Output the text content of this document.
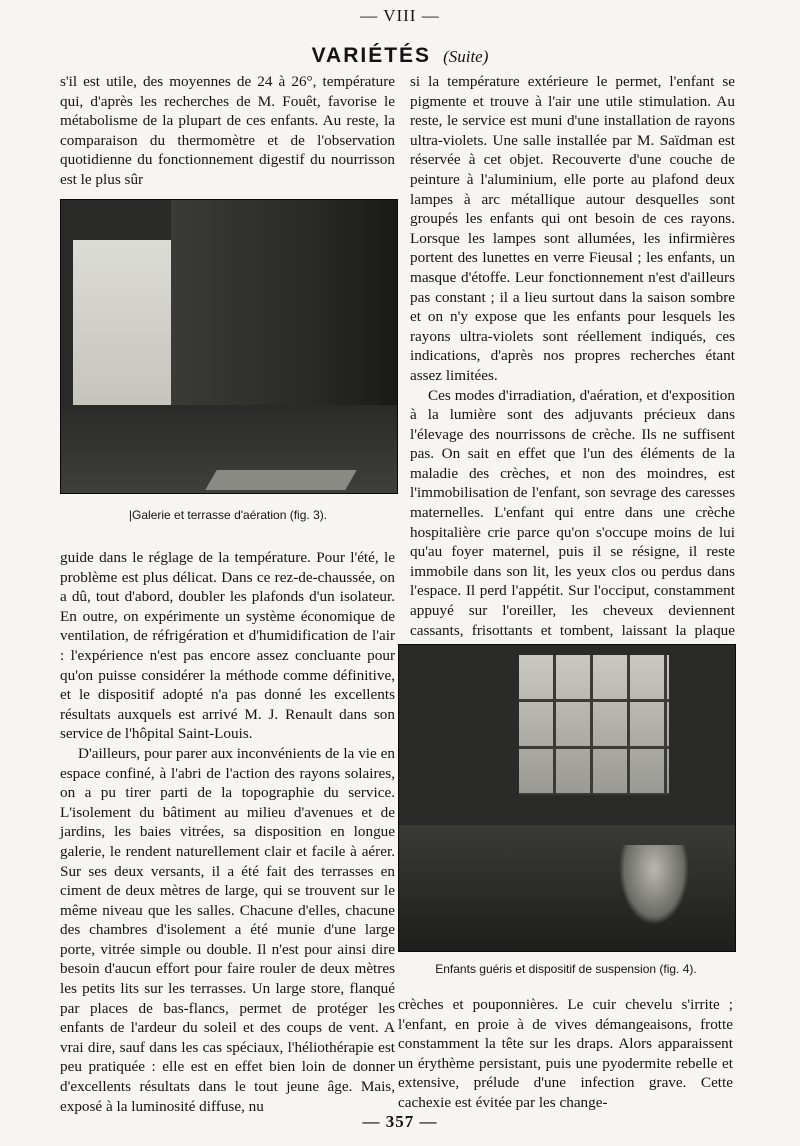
— VIII —
VARIÉTÉS (Suite)

s'il est utile, des moyennes de 24 à 26°, température qui, d'après les recherches de M. Fouêt, favorise le métabolisme de la plupart de ces enfants. Au reste, la comparaison du thermomètre et de l'observation quotidienne du fonctionnement digestif du nourrisson est le plus sûr

|Galerie et terrasse d'aération (fig. 3).

guide dans le réglage de la température. Pour l'été, le problème est plus délicat. Dans ce rez-de-chaussée, on a dû, tout d'abord, doubler les plafonds d'un isolateur. En outre, on expérimente un système économique de ventilation, de réfrigération et d'humidification de l'air : l'expérience n'est pas encore assez concluante pour qu'on puisse considérer la méthode comme définitive, et le dispositif adopté n'a pas donné les excellents résultats auxquels est arrivé M. J. Renault dans son service de l'hôpital Saint-Louis.

D'ailleurs, pour parer aux inconvénients de la vie en espace confiné, à l'abri de l'action des rayons solaires, on a pu tirer parti de la topographie du service. L'isolement du bâtiment au milieu d'avenues et de jardins, les baies vitrées, sa disposition en longue galerie, le rendent naturellement clair et facile à aérer. Sur ses deux versants, il a été fait des terrasses en ciment de deux mètres de large, qui se trouvent sur le même niveau que les salles. Chacune d'elles, chacune des chambres d'isolement a été munie d'une large porte, vitrée simple ou double. Il n'est pour ainsi dire besoin d'aucun effort pour faire rouler de deux mètres les petits lits sur les terrasses. Un large store, flanqué par places de bas-flancs, permet de protéger les enfants de l'ardeur du soleil et des coups de vent. A vrai dire, sauf dans les cas spéciaux, l'héliothérapie est peu pratiquée : elle est en effet bien loin de donner d'excellents résultats dans le tout jeune âge. Mais, exposé à la luminosité diffuse, nu

si la température extérieure le permet, l'enfant se pigmente et trouve à l'air une utile stimulation. Au reste, le service est muni d'une installation de rayons ultra-violets. Une salle installée par M. Saïdman est réservée à cet objet. Recouverte d'une couche de peinture à l'aluminium, elle porte au plafond deux lampes à arc métallique autour desquelles sont groupés les enfants qui ont besoin de ces rayons. Lorsque les lampes sont allumées, les infirmières portent des lunettes en verre Fieusal ; les enfants, un masque d'étoffe. Leur fonctionnement n'est d'ailleurs pas constant ; il a lieu surtout dans la saison sombre et on n'y expose que les enfants pour lesquels les rayons ultra-violets sont réellement indiqués, ces indications, d'après nos propres recherches étant assez limitées.

Ces modes d'irradiation, d'aération, et d'exposition à la lumière sont des adjuvants précieux dans l'élevage des nourrissons de crèche. Ils ne suffisent pas. On sait en effet que l'un des éléments de la maladie des crèches, et non des moindres, est l'immobilisation de l'enfant, son sevrage des caresses maternelles. L'enfant qui entre dans une crèche hospitalière crie parce qu'on s'occupe moins de lui qu'au foyer maternel, puis il se résigne, il reste immobile dans son lit, les yeux clos ou perdus dans l'espace. Il perd l'appétit. Sur l'occiput, constamment appuyé sur l'oreiller, les cheveux deviennent cassants, frisottants et tombent, laissant la plaque

Enfants guéris et dispositif de suspension (fig. 4).

crèches et pouponnières. Le cuir chevelu s'irrite ; l'enfant, en proie à de vives démangeaisons, frotte constamment la tête sur les draps. Alors apparaissent un érythème persistant, puis une pyodermite rebelle et extensive, prélude d'une infection grave. Cette cachexie est évitée par les change-

— 357 —
